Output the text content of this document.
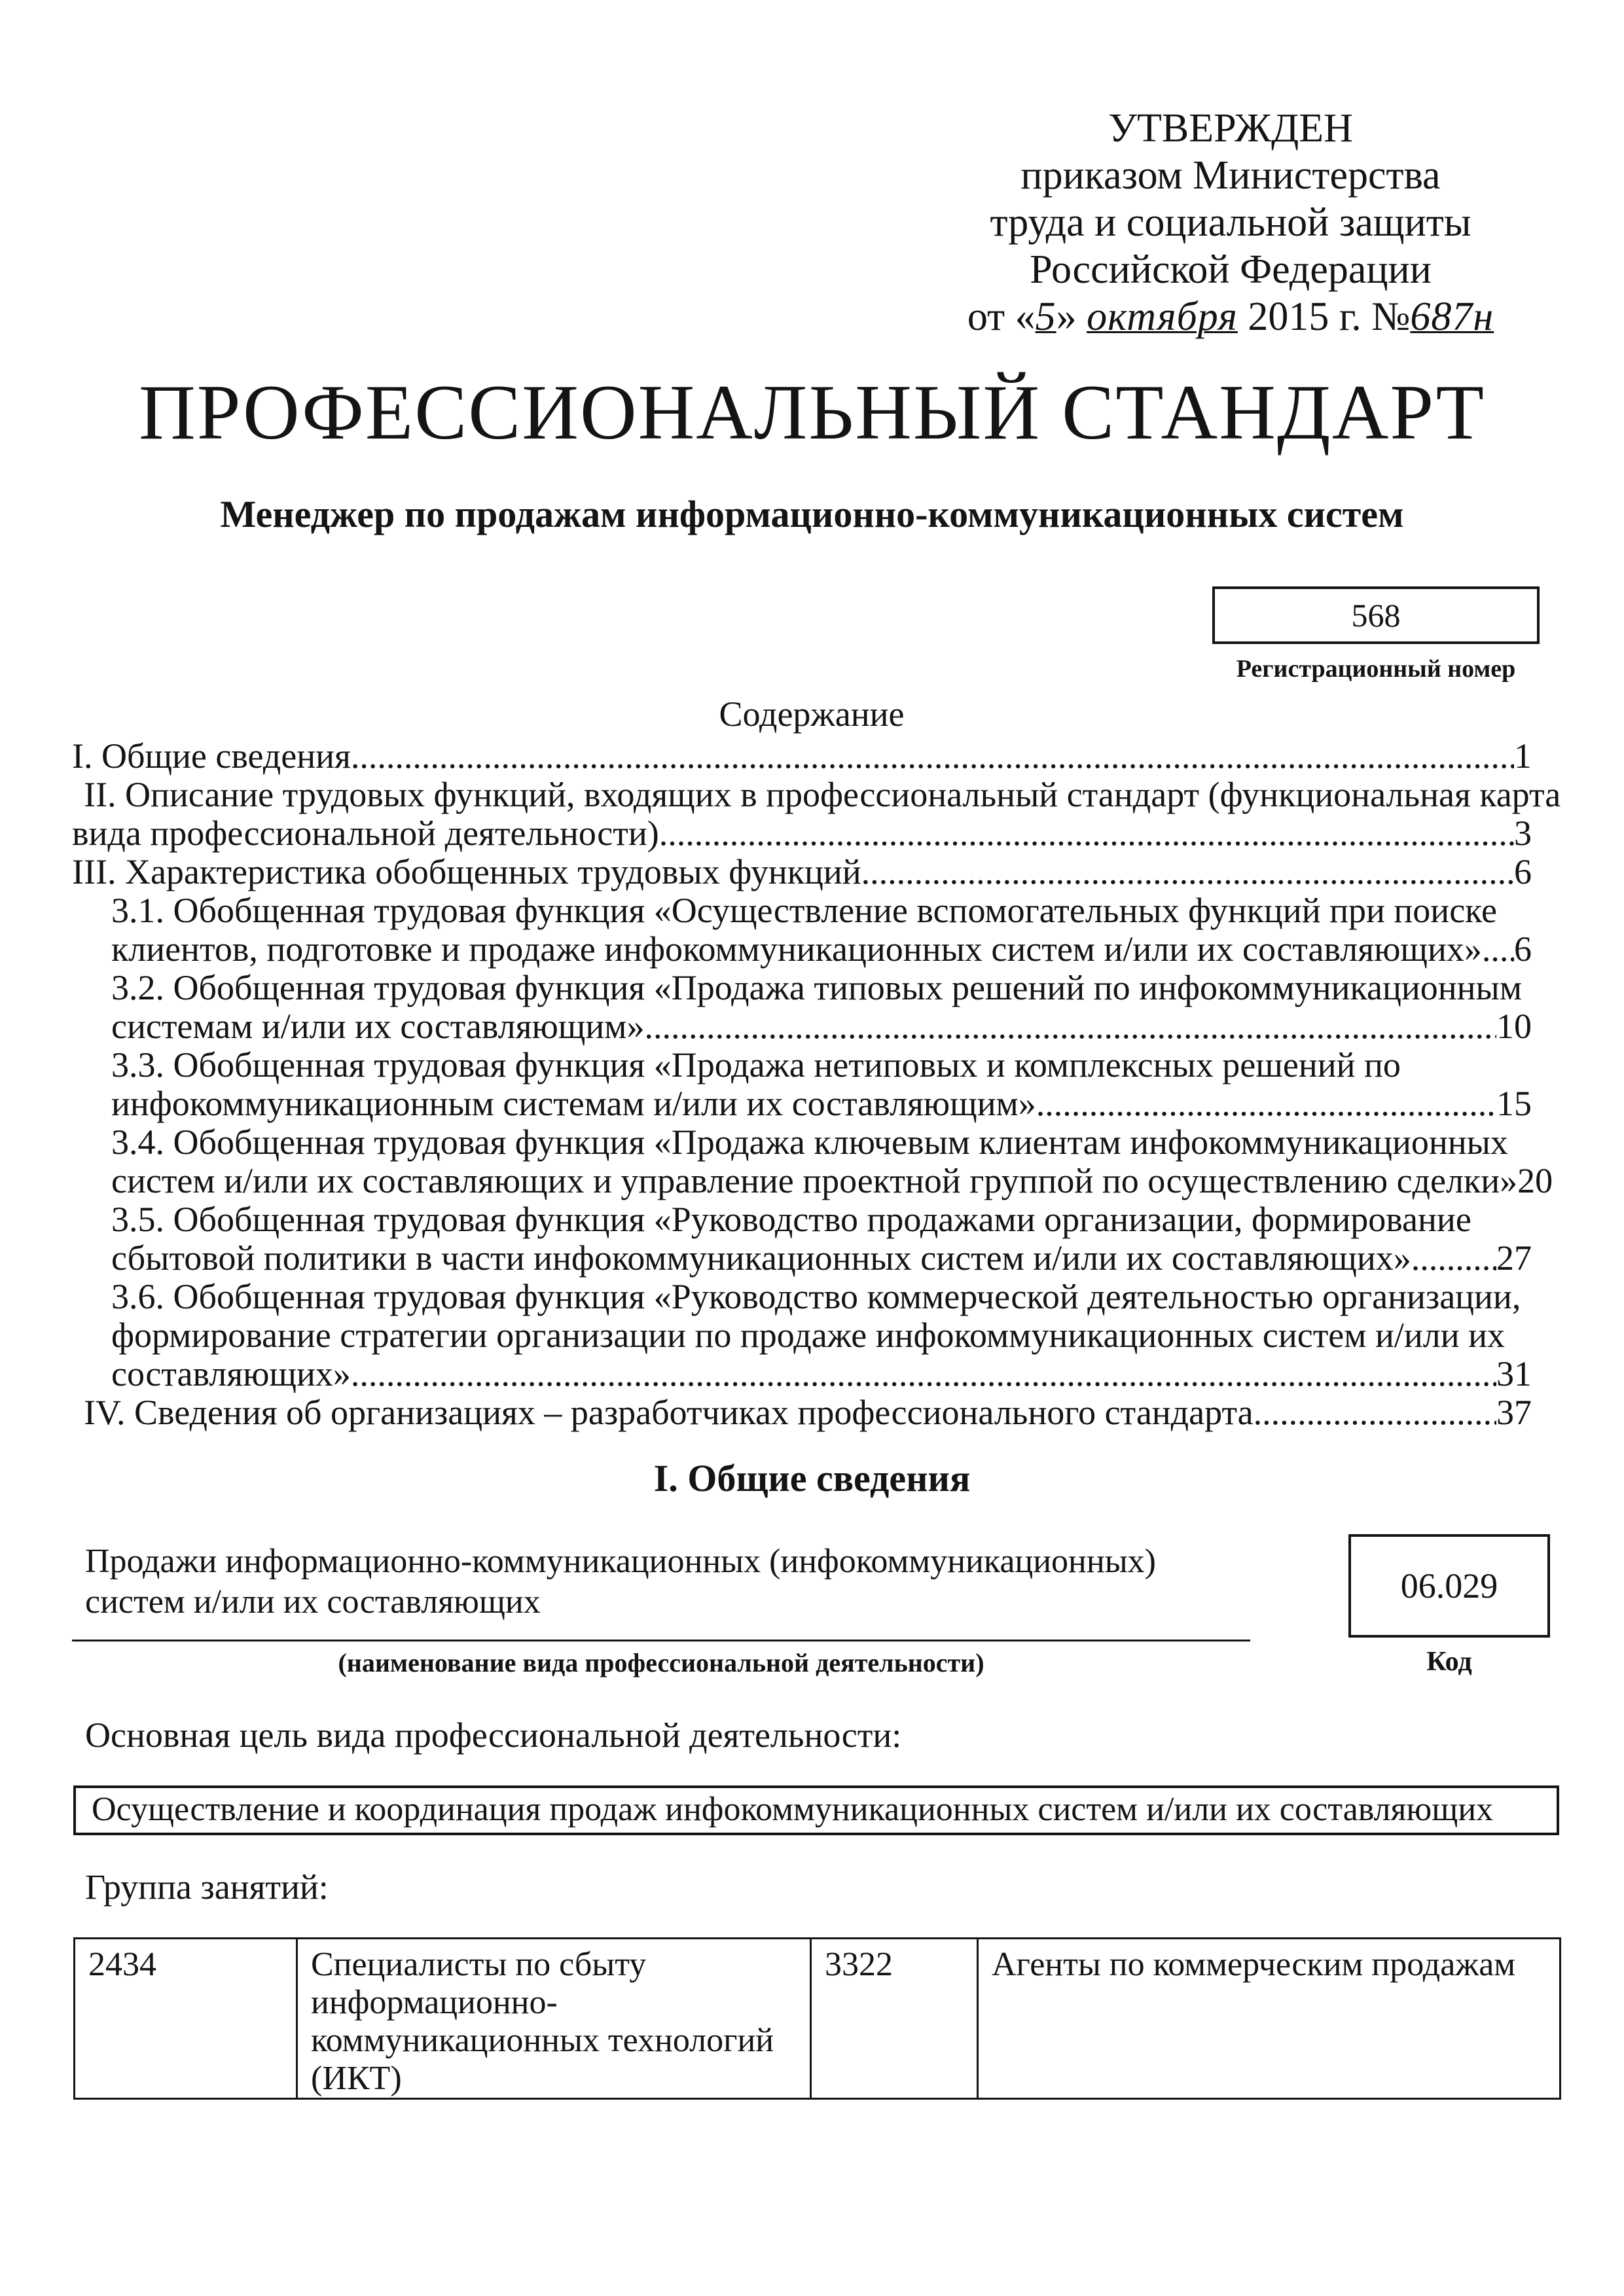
УТВЕРЖДЕН
приказом Министерства
труда и социальной защиты
Российской Федерации
от «5» октября 2015 г. №687н
ПРОФЕССИОНАЛЬНЫЙ СТАНДАРТ
Менеджер по продажам информационно-коммуникационных систем
568
Регистрационный номер
Содержание
I. Общие сведения .....	1
II. Описание трудовых функций, входящих в профессиональный стандарт (функциональная карта
вида профессиональной деятельности) .....	3
III. Характеристика обобщенных трудовых функций .....	6
3.1. Обобщенная трудовая функция «Осуществление вспомогательных функций при поиске
клиентов, подготовке и продаже инфокоммуникационных систем и/или их составляющих» ..... 6
3.2. Обобщенная трудовая функция «Продажа типовых решений по инфокоммуникационным
системам и/или их составляющим» .....	10
3.3. Обобщенная трудовая функция «Продажа нетиповых и комплексных решений по
инфокоммуникационным системам и/или их составляющим» .....	15
3.4. Обобщенная трудовая функция «Продажа ключевым клиентам инфокоммуникационных
систем и/или их составляющих и управление проектной группой по осуществлению сделки» 20
3.5. Обобщенная трудовая функция «Руководство продажами организации, формирование
сбытовой политики в части инфокоммуникационных систем и/или их составляющих» ..... 27
3.6. Обобщенная трудовая функция «Руководство коммерческой деятельностью организации,
формирование стратегии организации по продаже инфокоммуникационных систем и/или их
составляющих» .....	31
IV. Сведения об организациях – разработчиках профессионального стандарта .....	37
I. Общие сведения
Продажи информационно-коммуникационных (инфокоммуникационных)
систем и/или их составляющих
(наименование вида профессиональной деятельности)
06.029
Код
Основная цель вида профессиональной деятельности:
Осуществление и координация продаж инфокоммуникационных систем и/или их составляющих
Группа занятий:
2434	Специалисты по сбыту информационно-коммуникационных технологий (ИКТ)	3322	Агенты по коммерческим продажам
